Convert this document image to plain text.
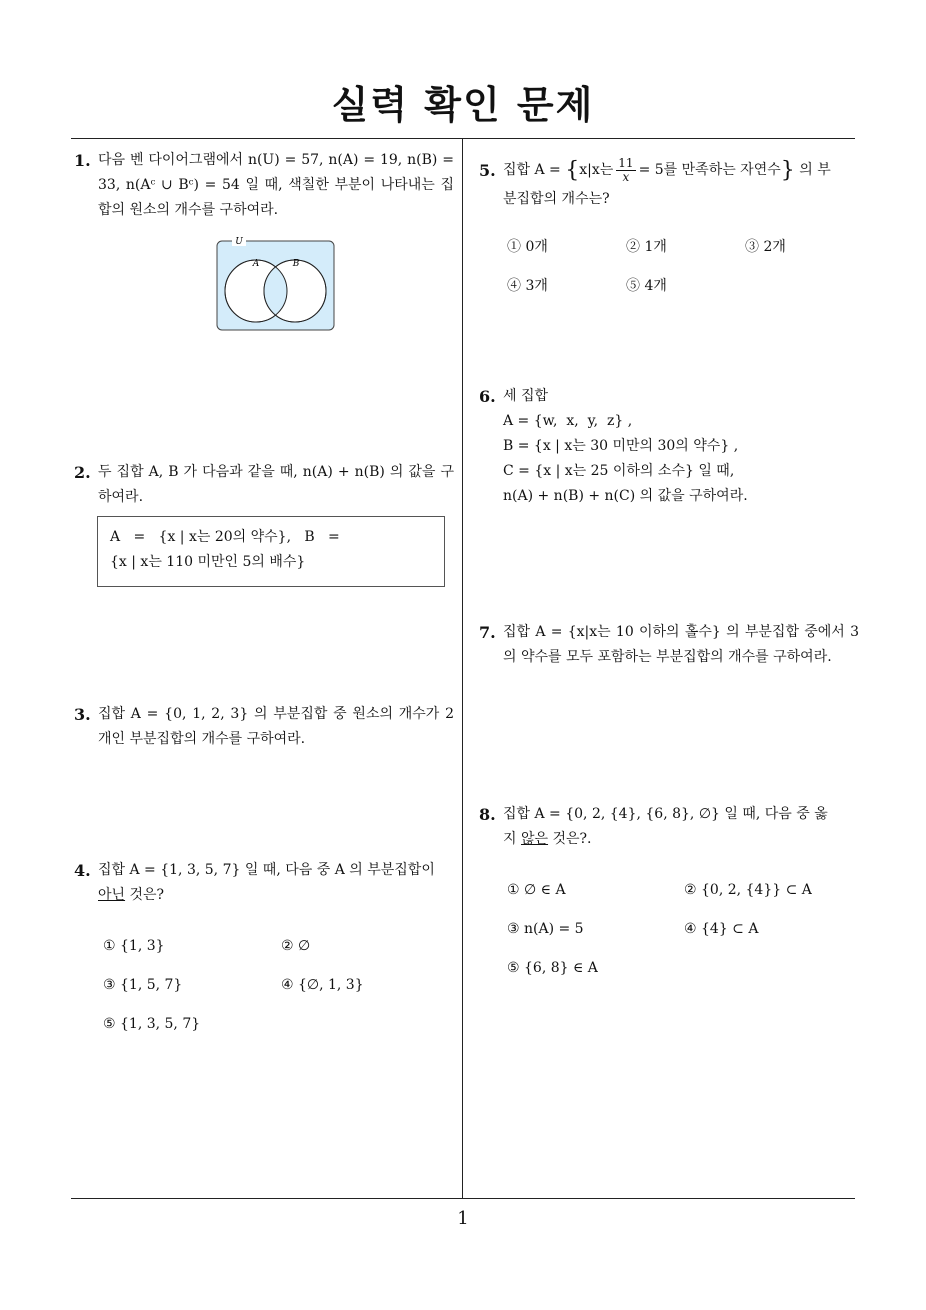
실력 확인 문제
1
1. 다음 벤 다이어그램에서 n(U) = 57, n(A) = 19, n(B) = 33, n(Aᶜ ∪ Bᶜ) = 54 일 때, 색칠한 부분이 나타내는 집합의 원소의 개수를 구하여라.

U
A	B
2. 두 집합 A, B 가 다음과 같을 때, n(A) + n(B) 의 값을 구하여라.

A   =   {x | x는 20의 약수},   B   =
{x | x는 110 미만인 5의 배수}
3. 집합 A = {0, 1, 2, 3} 의 부분집합 중 원소의 개수가 2 개인 부분집합의 개수를 구하여라.

4. 집합 A = {1, 3, 5, 7} 일 때, 다음 중 A 의 부분집합이

아닌 것은?

① {1, 3}	② ∅
③ {1, 5, 7}	④ {∅, 1, 3}
⑤ {1, 3, 5, 7}
5. 집합 A = {x|x는 $\frac{11}{x} = 5$를 만족하는 자연수} 의 부

분집합의 개수는?

① 0개	② 1개	③ 2개
④ 3개	⑤ 4개
6. 세 집합

A = {w,  x,  y,  z} ,

B = {x | x는 30 미만의 30의 약수} ,

C = {x | x는 25 이하의 소수} 일 때,

n(A) + n(B) + n(C) 의 값을 구하여라.

7. 집합 A = {x|x는 10 이하의 홀수} 의 부분집합 중에서 3 의 약수를 모두 포함하는 부분집합의 개수를 구하여라.

8. 집합 A = {0, 2, {4}, {6, 8}, ∅} 일 때, 다음 중 옳

지 않은 것은?.

① ∅ ∈ A	② {0, 2, {4}} ⊂ A
③ n(A) = 5	④ {4} ⊂ A
⑤ {6, 8} ∈ A
